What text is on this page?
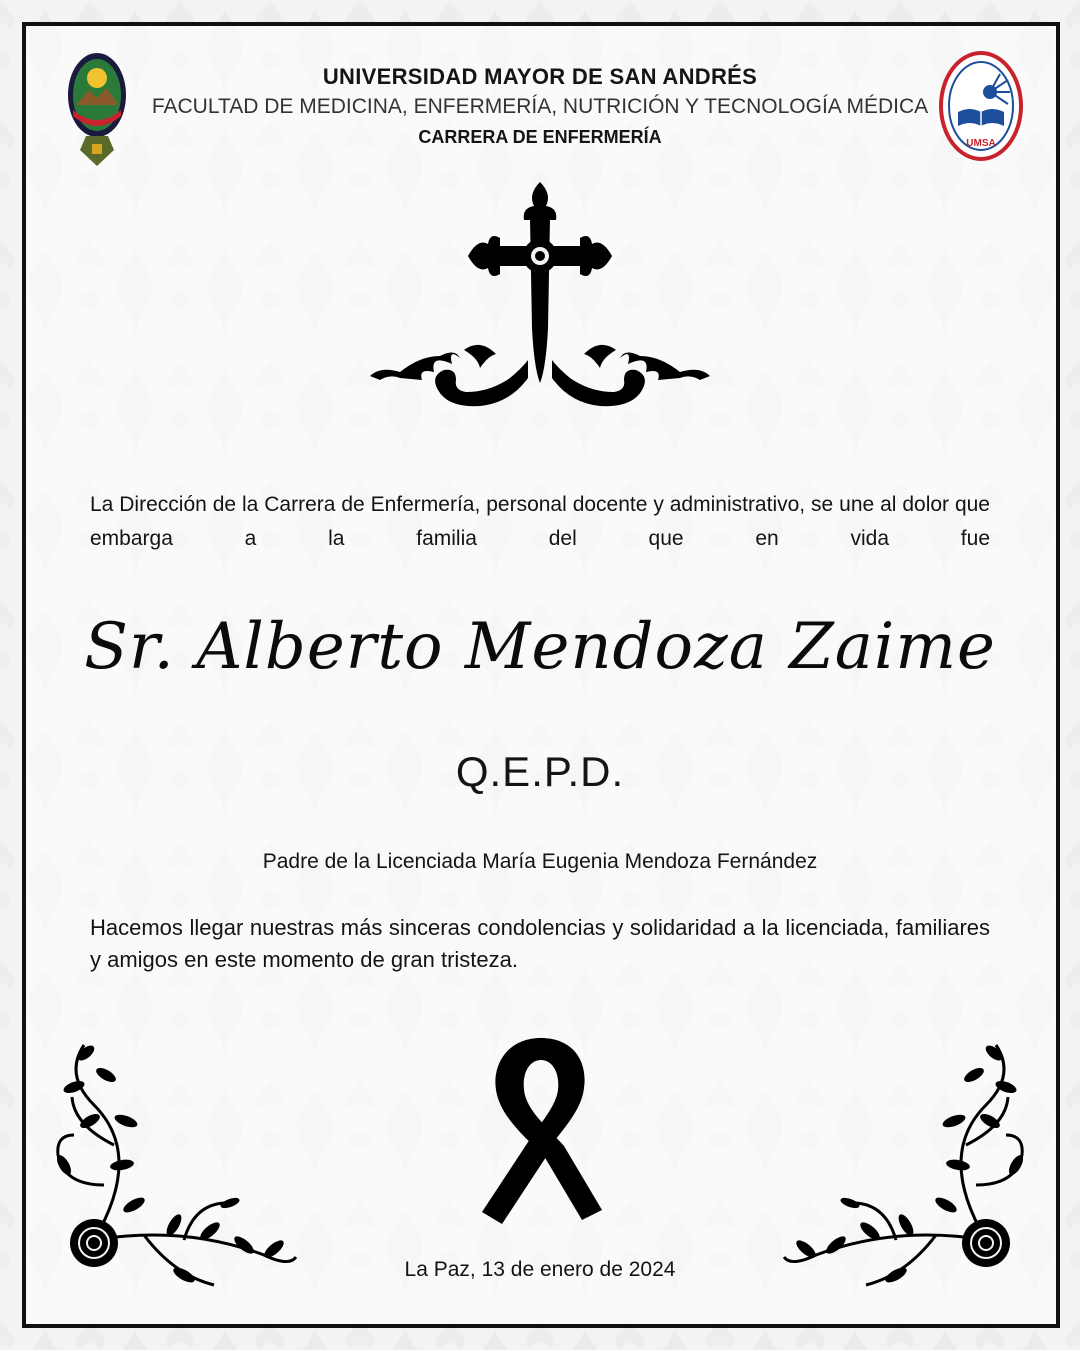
UNIVERSIDAD MAYOR DE SAN ANDRÉS
FACULTAD DE MEDICINA, ENFERMERÍA, NUTRICIÓN Y TECNOLOGÍA MÉDICA
CARRERA DE ENFERMERÍA	UMSA
La Dirección de la Carrera de Enfermería, personal docente y administrativo, se une al dolor que embarga a la familia del que en vida fue
Sr. Alberto Mendoza Zaime
Q.E.P.D.
Padre de la Licenciada María Eugenia Mendoza Fernández
Hacemos llegar nuestras más sinceras condolencias y solidaridad a la licenciada, familiares y amigos en este momento de gran tristeza.
La Paz, 13 de enero de 2024
